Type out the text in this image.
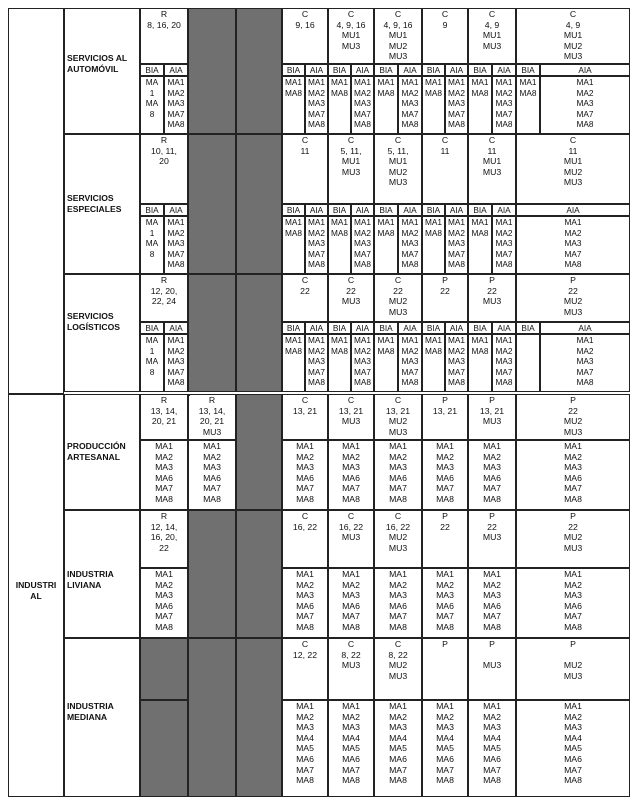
INDUSTRI
AL
SERVICIOS AL
AUTOMÓVIL
R
8, 16, 20
C
9, 16
C
4, 9, 16
MU1
MU3
C
4, 9, 16
MU1
MU2
MU3
C
9
C
4, 9
MU1
MU3
C
4, 9
MU1
MU2
MU3
BIA
MA
1
MA
8
AIA
MA1
MA2
MA3
MA7
MA8
BIA
MA1
MA8
AIA
MA1
MA2
MA3
MA7
MA8
BIA
MA1
MA8
AIA
MA1
MA2
MA3
MA7
MA8
BIA
MA1
MA8
AIA
MA1
MA2
MA3
MA7
MA8
BIA
MA1
MA8
AIA
MA1
MA2
MA3
MA7
MA8
BIA
MA1
MA8
AIA
MA1
MA2
MA3
MA7
MA8
BIA
MA1
MA8
AIA
MA1
MA2
MA3
MA7
MA8
SERVICIOS
ESPECIALES
R
10, 11,
20
C
11
C
5, 11,
MU1
MU3
C
5, 11,
MU1
MU2
MU3
C
11
C
11
MU1
MU3
C
11
MU1
MU2
MU3
BIA
MA
1
MA
8
AIA
MA1
MA2
MA3
MA7
MA8
BIA
MA1
MA8
AIA
MA1
MA2
MA3
MA7
MA8
BIA
MA1
MA8
AIA
MA1
MA2
MA3
MA7
MA8
BIA
MA1
MA8
AIA
MA1
MA2
MA3
MA7
MA8
BIA
MA1
MA8
AIA
MA1
MA2
MA3
MA7
MA8
BIA
MA1
MA8
AIA
MA1
MA2
MA3
MA7
MA8
AIA
MA1
MA2
MA3
MA7
MA8
SERVICIOS
LOGÍSTICOS
R
12, 20,
22, 24
C
22
C
22
MU3
C
22
MU2
MU3
P
22
P
22
MU3
P
22
MU2
MU3
BIA
MA
1
MA
8
AIA
MA1
MA2
MA3
MA7
MA8
BIA
MA1
MA8
AIA
MA1
MA2
MA3
MA7
MA8
BIA
MA1
MA8
AIA
MA1
MA2
MA3
MA7
MA8
BIA
MA1
MA8
AIA
MA1
MA2
MA3
MA7
MA8
BIA
MA1
MA8
AIA
MA1
MA2
MA3
MA7
MA8
BIA
MA1
MA8
AIA
MA1
MA2
MA3
MA7
MA8
BIA	AIA
MA1
MA2
MA3
MA7
MA8
PRODUCCIÓN
ARTESANAL
R
13, 14,
20, 21
MA1
MA2
MA3
MA6
MA7
MA8
R
13, 14,
20, 21
MU3
MA1
MA2
MA3
MA6
MA7
MA8
C
13, 21
MA1
MA2
MA3
MA6
MA7
MA8
C
13, 21
MU3
MA1
MA2
MA3
MA6
MA7
MA8
C
13, 21
MU2
MU3
MA1
MA2
MA3
MA6
MA7
MA8
P
13, 21
MA1
MA2
MA3
MA6
MA7
MA8
P
13, 21
MU3
MA1
MA2
MA3
MA6
MA7
MA8
P
22
MU2
MU3
MA1
MA2
MA3
MA6
MA7
MA8
INDUSTRIA
LIVIANA
R
12, 14,
16, 20,
22
MA1
MA2
MA3
MA6
MA7
MA8
C
16, 22
MA1
MA2
MA3
MA6
MA7
MA8
C
16, 22
MU3
MA1
MA2
MA3
MA6
MA7
MA8
C
16, 22
MU2
MU3
MA1
MA2
MA3
MA6
MA7
MA8
P
22
MA1
MA2
MA3
MA6
MA7
MA8
P
22
MU3
MA1
MA2
MA3
MA6
MA7
MA8
P
22
MU2
MU3
MA1
MA2
MA3
MA6
MA7
MA8
INDUSTRIA
MEDIANA
C
12, 22
MA1
MA2
MA3
MA4
MA5
MA6
MA7
MA8
C
8, 22
MU3
MA1
MA2
MA3
MA4
MA5
MA6
MA7
MA8
C
8, 22
MU2
MU3
MA1
MA2
MA3
MA4
MA5
MA6
MA7
MA8
P
MA1
MA2
MA3
MA4
MA5
MA6
MA7
MA8
P

MU3
MA1
MA2
MA3
MA4
MA5
MA6
MA7
MA8
P

MU2
MU3
MA1
MA2
MA3
MA4
MA5
MA6
MA7
MA8
